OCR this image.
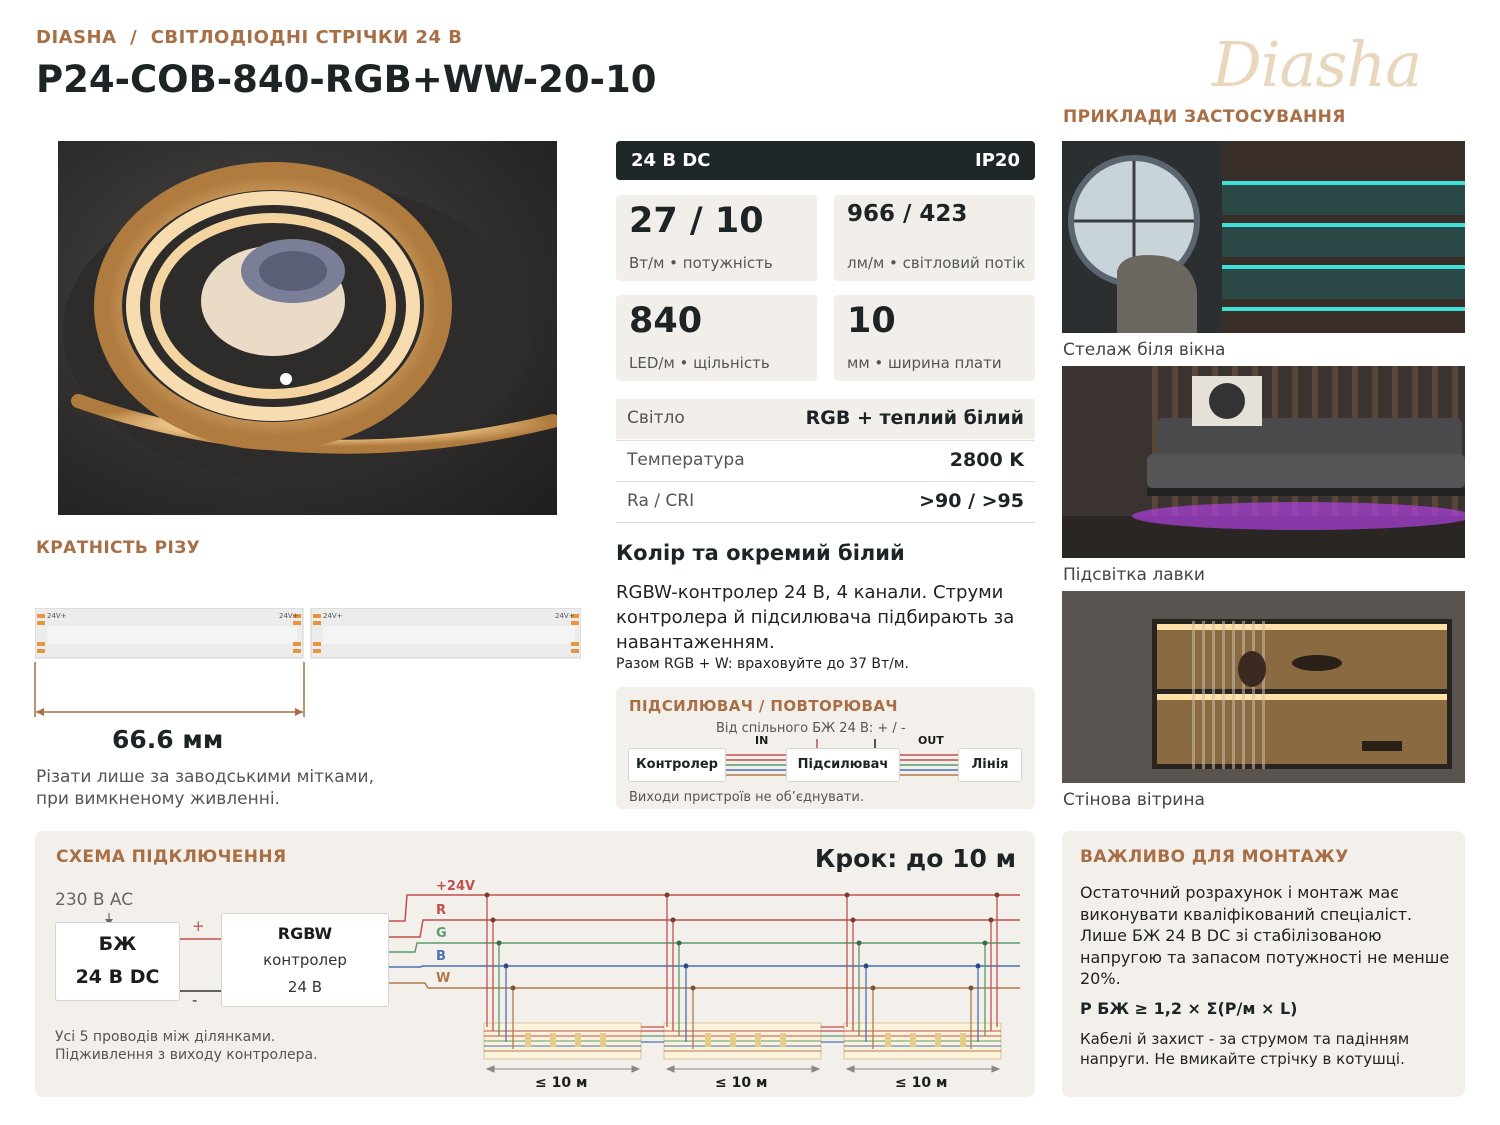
DIASHA / СВІТЛОДІОДНІ СТРІЧКИ 24 В
P24-COB-840-RGB+WW-20-10	Diasha
24 В DC	IP20
27 / 10
Вт/м • потужність
966 / 423
лм/м • світловий потік
840
LED/м • щільність
10
мм • ширина плати
Світло	RGB + теплий білий
Температура	2800 K
Ra / CRI	>90 / >95
Колір та окремий білий
RGBW-контролер 24 В, 4 канали. Струми контролера й підсилювача підбирають за навантаженням.
Разом RGB + W: враховуйте до 37 Вт/м.
ПІДСИЛЮВАЧ / ПОВТОРЮВАЧ
Від спільного БЖ 24 В: + / -
IN	OUT
Контролер	Підсилювач	Лінія
Виходи пристроїв не об’єднувати.
КРАТНІСТЬ РІЗУ
24V+	24V+	24V+	24V+
66.6 мм
Різати лише за заводськими мітками,
при вимкненому живленні.
ПРИКЛАДИ ЗАСТОСУВАННЯ
Стелаж біля вікна
Підсвітка лавки
Стінова вітрина
СХЕМА ПІДКЛЮЧЕННЯ	Крок: до 10 м
230 В AC
БЖ
24 В DC
+
-
RGBW
контролер
24 В
+24V
R
G
B
W
≤ 10 м	≤ 10 м	≤ 10 м
Усі 5 проводів між ділянками.
Підживлення з виходу контролера.
ВАЖЛИВО ДЛЯ МОНТАЖУ
Остаточний розрахунок і монтаж має виконувати кваліфікований спеціаліст. Лише БЖ 24 В DC зі стабілізованою напругою та запасом потужності не менше 20%.
P БЖ ≥ 1,2 × Σ(P/м × L)
Кабелі й захист - за струмом та падінням напруги. Не вмикайте стрічку в котушці.
